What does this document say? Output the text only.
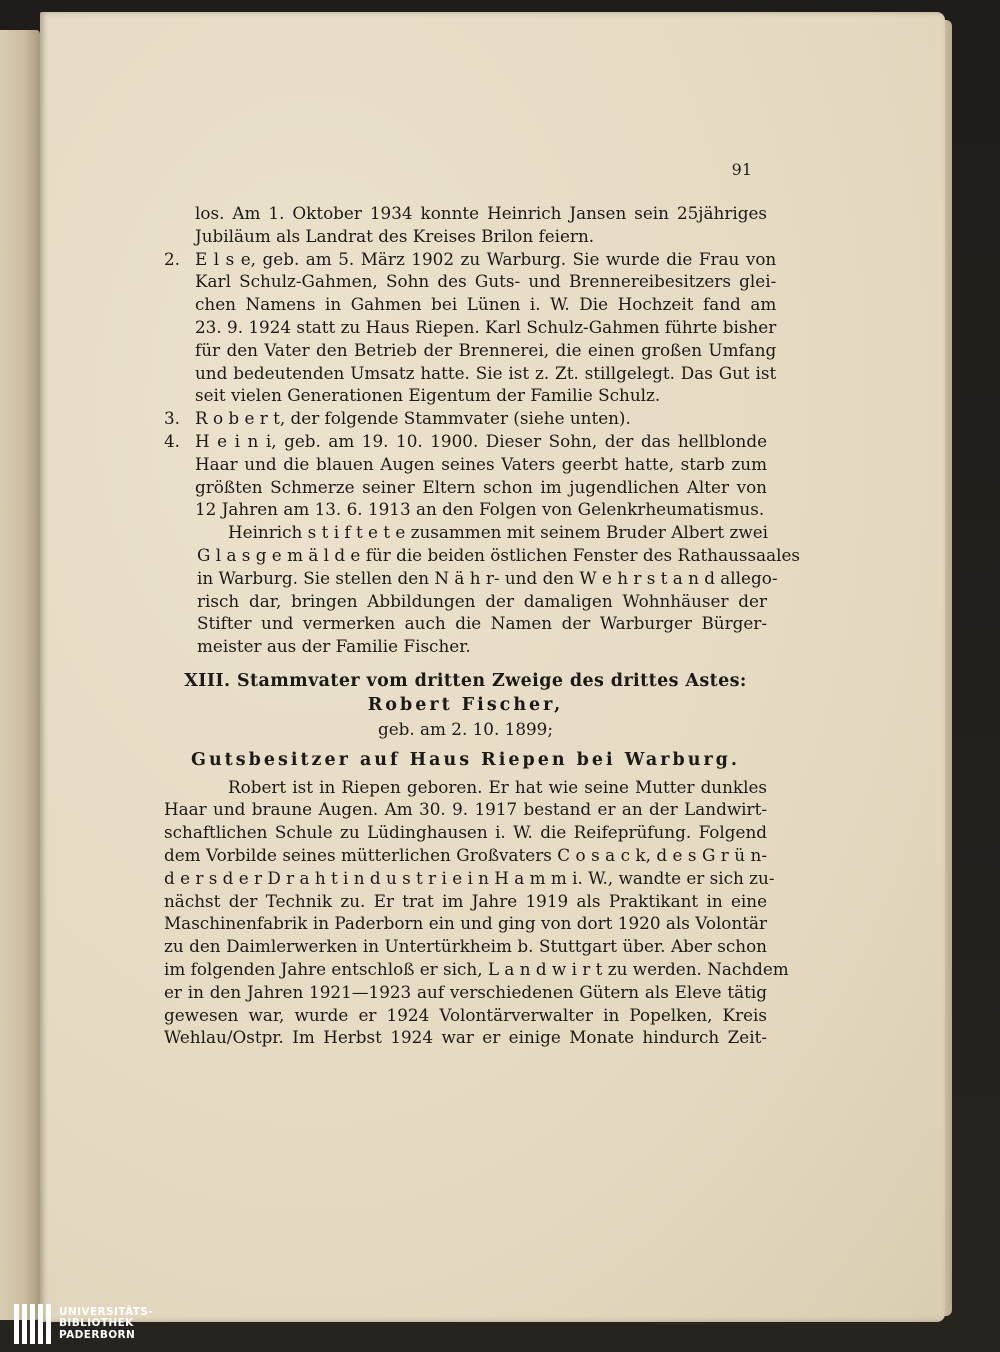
91
los. Am 1. Oktober 1934 konnte Heinrich Jansen sein 25jähriges
Jubiläum als Landrat des Kreises Brilon feiern.
2. E l s e, geb. am 5. März 1902 zu Warburg. Sie wurde die Frau von
Karl Schulz-Gahmen, Sohn des Guts- und Brennereibesitzers glei-
chen Namens in Gahmen bei Lünen i. W. Die Hochzeit fand am
23. 9. 1924 statt zu Haus Riepen. Karl Schulz-Gahmen führte bisher
für den Vater den Betrieb der Brennerei, die einen großen Umfang
und bedeutenden Umsatz hatte. Sie ist z. Zt. stillgelegt. Das Gut ist
seit vielen Generationen Eigentum der Familie Schulz.
3. R o b e r t, der folgende Stammvater (siehe unten).
4. H e i n i, geb. am 19. 10. 1900. Dieser Sohn, der das hellblonde
Haar und die blauen Augen seines Vaters geerbt hatte, starb zum
größten Schmerze seiner Eltern schon im jugendlichen Alter von
12 Jahren am 13. 6. 1913 an den Folgen von Gelenkrheumatismus.
Heinrich s t i f t e t e zusammen mit seinem Bruder Albert zwei
G l a s g e m ä l d e für die beiden östlichen Fenster des Rathaussaales
in Warburg. Sie stellen den N ä h r- und den W e h r s t a n d allego-
risch dar, bringen Abbildungen der damaligen Wohnhäuser der
Stifter und vermerken auch die Namen der Warburger Bürger-
meister aus der Familie Fischer.
XIII. Stammvater vom dritten Zweige des drittes Astes:
Robert Fischer,
geb. am 2. 10. 1899;
Gutsbesitzer auf Haus Riepen bei Warburg.
Robert ist in Riepen geboren. Er hat wie seine Mutter dunkles
Haar und braune Augen. Am 30. 9. 1917 bestand er an der Landwirt-
schaftlichen Schule zu Lüdinghausen i. W. die Reifeprüfung. Folgend
dem Vorbilde seines mütterlichen Großvaters C o s a c k, d e s G r ü n-
d e r s d e r D r a h t i n d u s t r i e i n H a m m i. W., wandte er sich zu-
nächst der Technik zu. Er trat im Jahre 1919 als Praktikant in eine
Maschinenfabrik in Paderborn ein und ging von dort 1920 als Volontär
zu den Daimlerwerken in Untertürkheim b. Stuttgart über. Aber schon
im folgenden Jahre entschloß er sich, L a n d w i r t zu werden. Nachdem
er in den Jahren 1921—1923 auf verschiedenen Gütern als Eleve tätig
gewesen war, wurde er 1924 Volontärverwalter in Popelken, Kreis
Wehlau/Ostpr. Im Herbst 1924 war er einige Monate hindurch Zeit-
UNIVERSITÄTS-
BIBLIOTHEK
PADERBORN
